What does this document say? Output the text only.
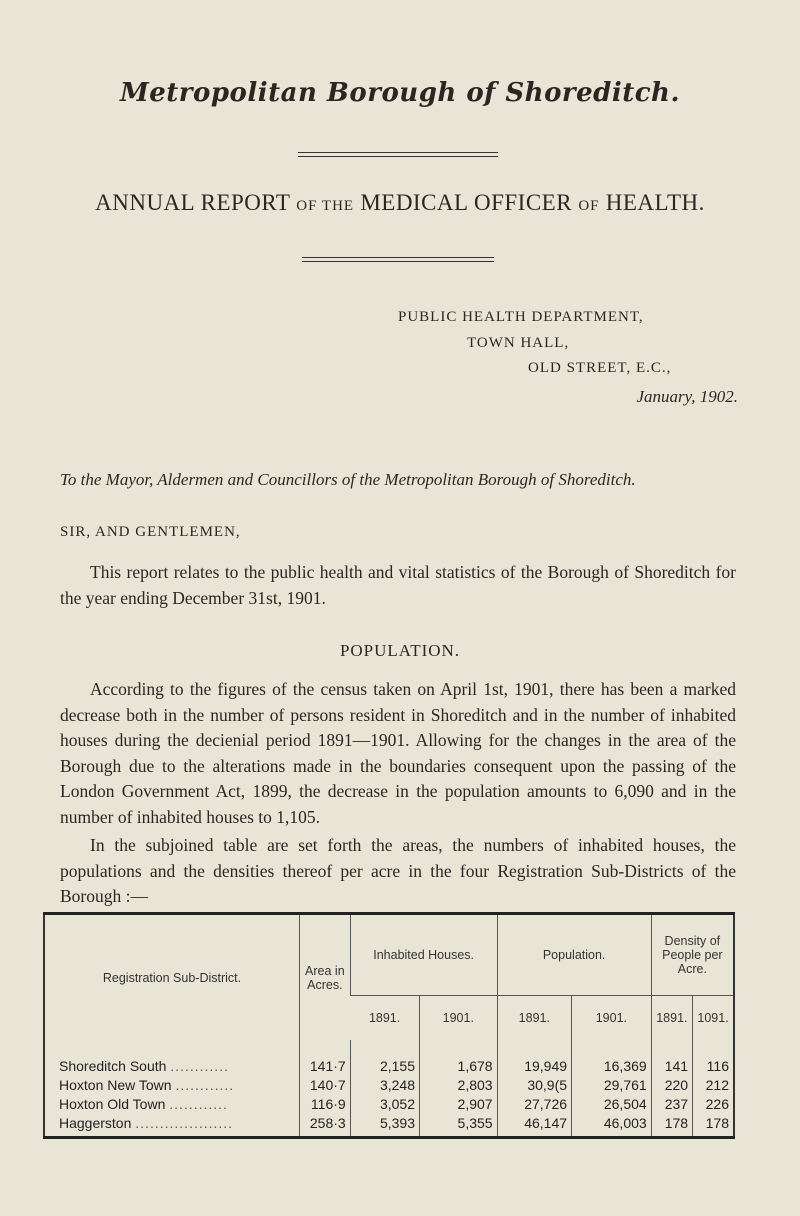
Metropolitan Borough of Shoreditch.
ANNUAL REPORT OF THE MEDICAL OFFICER OF HEALTH.
PUBLIC HEALTH DEPARTMENT,
TOWN HALL,
OLD STREET, E.C.,
January, 1902.
To the Mayor, Aldermen and Councillors of the Metropolitan Borough of Shoreditch.
SIR, AND GENTLEMEN,
This report relates to the public health and vital statistics of the Borough of Shoreditch for the year ending December 31st, 1901.
POPULATION.
According to the figures of the census taken on April 1st, 1901, there has been a marked decrease both in the number of persons resident in Shoreditch and in the number of inhabited houses during the decienial period 1891—1901. Allowing for the changes in the area of the Borough due to the alterations made in the boundaries consequent upon the passing of the London Government Act, 1899, the decrease in the population amounts to 6,090 and in the number of inhabited houses to 1,105.
In the subjoined table are set forth the areas, the numbers of inhabited houses, the populations and the densities thereof per acre in the four Registration Sub-Districts of the Borough :—
Registration Sub-District.	Area in Acres.	Inhabited Houses.		Population.		Density of People per Acre.	
		1891.	1901.	1891.	1901.	1891.	1091.
Shoreditch South ............	141·7	2,155	1,678	19,949	16,369	141	116
Hoxton New Town ............	140·7	3,248	2,803	30,9(5	29,761	220	212
Hoxton Old Town ............	116·9	3,052	2,907	27,726	26,504	237	226
Haggerston ....................	258·3	5,393	5,355	46,147	46,003	178	178
